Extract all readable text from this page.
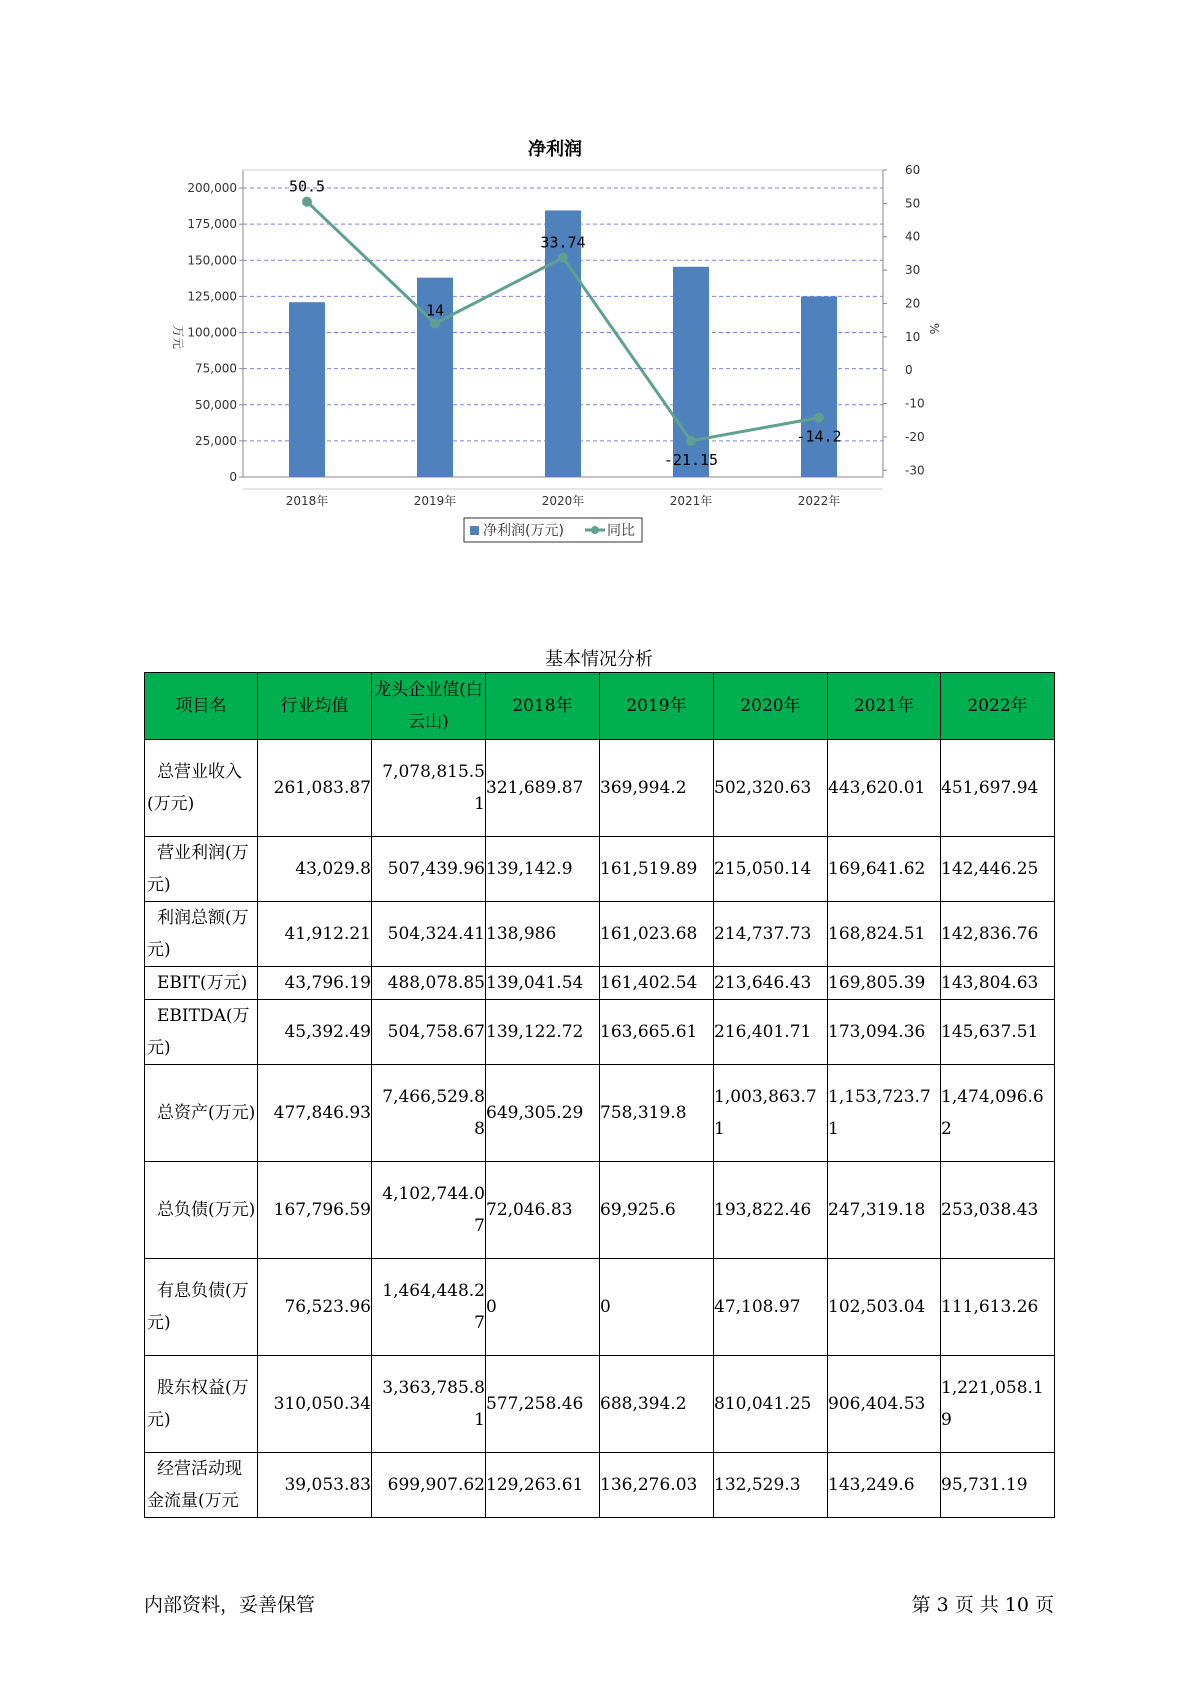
净利润
0
25,000
50,000
75,000
100,000
125,000
150,000
175,000
200,000
-30
-20
-10
0
10
20
30
40
50
60
万元	%
2018年	2019年	2020年	2021年	2022年
50.5
14
33.74
-21.15
-14.2
净利润(万元)	同比
基本情况分析
项目名	行业均值	龙头企业值(白云山)	2018年	2019年	2020年	2021年	2022年
总营业收入(万元)	261,083.87	7,078,815.51	321,689.87	369,994.2	502,320.63	443,620.01	451,697.94
营业利润(万元)	43,029.8	507,439.96	139,142.9	161,519.89	215,050.14	169,641.62	142,446.25
利润总额(万元)	41,912.21	504,324.41	138,986	161,023.68	214,737.73	168,824.51	142,836.76
EBIT(万元)	43,796.19	488,078.85	139,041.54	161,402.54	213,646.43	169,805.39	143,804.63
EBITDA(万元)	45,392.49	504,758.67	139,122.72	163,665.61	216,401.71	173,094.36	145,637.51
总资产(万元)	477,846.93	7,466,529.88	649,305.29	758,319.8	1,003,863.71	1,153,723.71	1,474,096.62
总负债(万元)	167,796.59	4,102,744.07	72,046.83	69,925.6	193,822.46	247,319.18	253,038.43
有息负债(万元)	76,523.96	1,464,448.27	0	0	47,108.97	102,503.04	111,613.26
股东权益(万元)	310,050.34	3,363,785.81	577,258.46	688,394.2	810,041.25	906,404.53	1,221,058.19
经营活动现金流量(万元	39,053.83	699,907.62	129,263.61	136,276.03	132,529.3	143,249.6	95,731.19
内部资料，妥善保管	第 3 页 共 10 页
